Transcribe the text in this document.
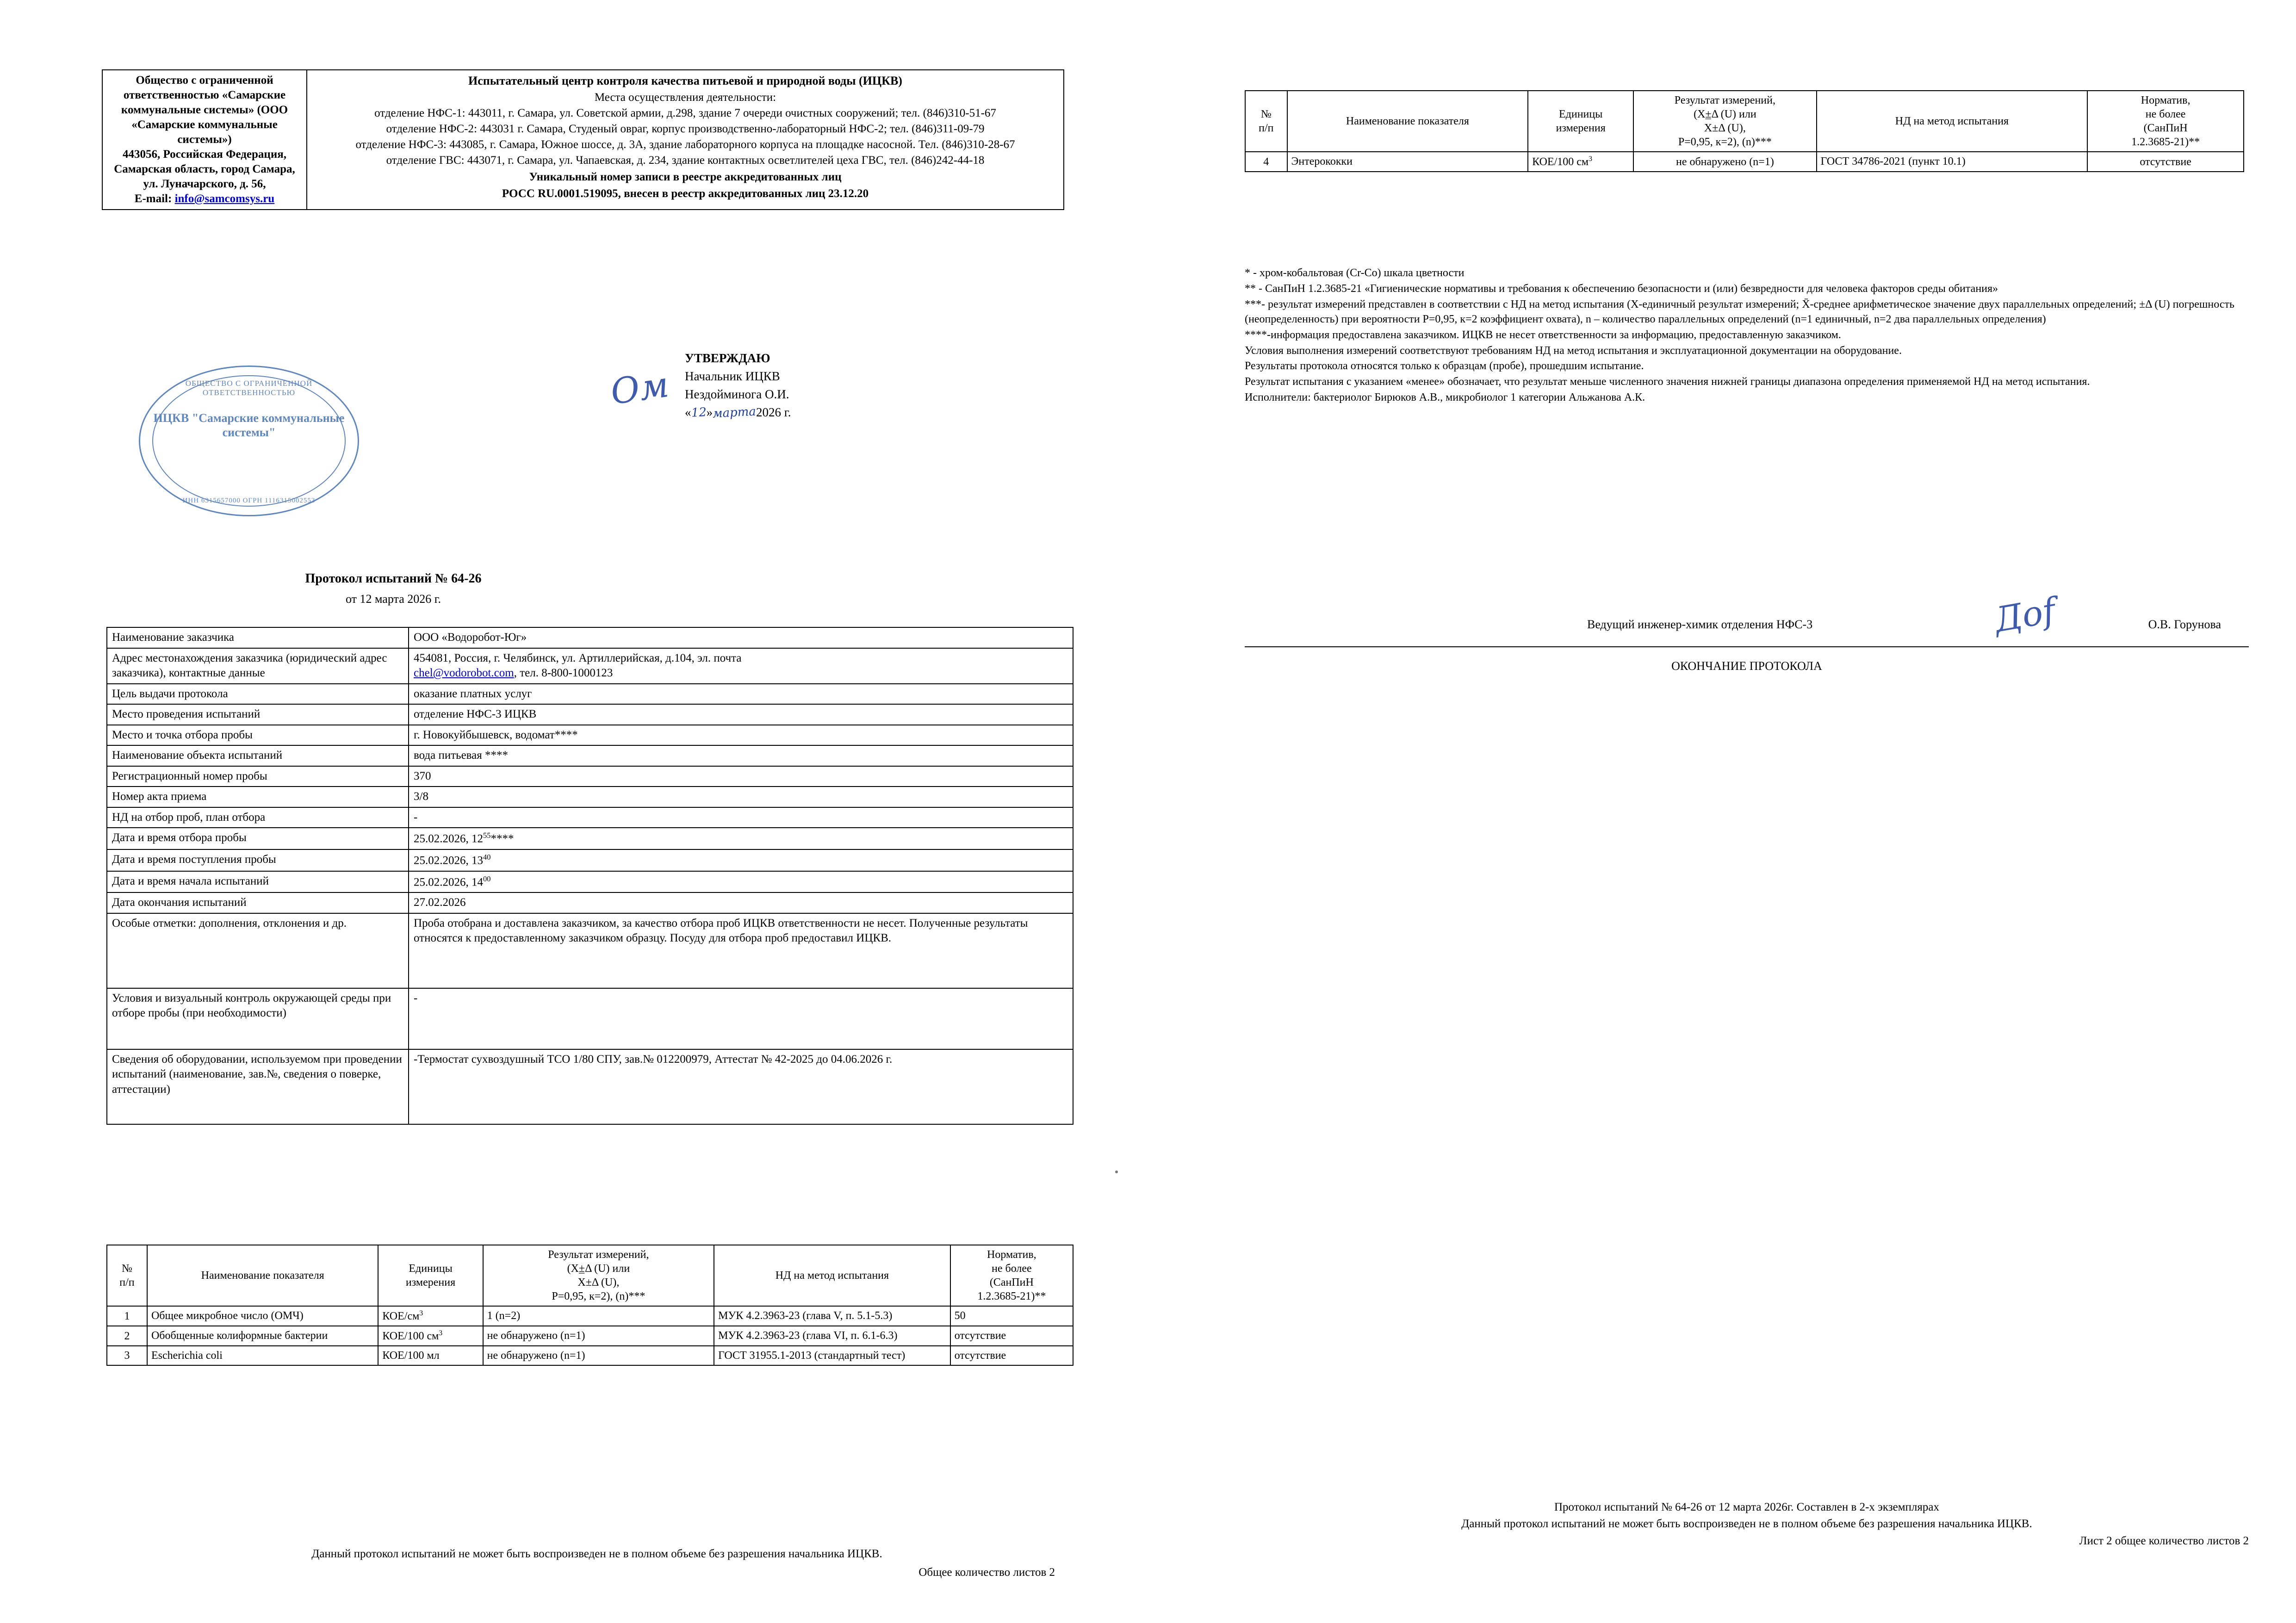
Общество с ограниченной ответственностью «Самарские коммунальные системы» (ООО «Самарские коммунальные системы»)
443056, Российская Федерация, Самарская область, город Самара, ул. Луначарского, д. 56,
E-mail: info@samcomsys.ru

Испытательный центр контроля качества питьевой и природной воды (ИЦКВ)
Места осуществления деятельности:

отделение НФС-1: 443011, г. Самара, ул. Советской армии, д.298, здание 7 очереди очистных сооружений; тел. (846)310-51-67

отделение НФС-2: 443031 г. Самара, Студеный овраг, корпус производственно-лабораторный НФС-2; тел. (846)311-09-79

отделение НФС-3: 443085, г. Самара, Южное шоссе, д. 3А, здание лабораторного корпуса на площадке насосной. Тел. (846)310-28-67

отделение ГВС: 443071, г. Самара, ул. Чапаевская, д. 234, здание контактных осветлителей цеха ГВС, тел. (846)242-44-18

Уникальный номер записи в реестре аккредитованных лиц
РОСС RU.0001.519095, внесен в реестр аккредитованных лиц 23.12.20
ОБЩЕСТВО С ОГРАНИЧЕННОЙ ОТВЕТСТВЕННОСТЬЮ
ИЦКВ "Самарские коммунальные системы"
ИНН 6315657000 ОГРН 1116315002553
Ом
УТВЕРЖДАЮ
Начальник ИЦКВ
Нездойминога О.И.
«12»марта2026 г.
Протокол испытаний № 64-26
от 12 марта 2026 г.
Наименование заказчика	ООО «Водоробот-Юг»
Адрес местонахождения заказчика (юридический адрес заказчика), контактные данные	454081, Россия, г. Челябинск, ул. Артиллерийская, д.104, эл. почта
chel@vodorobot.com, тел. 8-800-1000123
Цель выдачи протокола	оказание платных услуг
Место проведения испытаний	отделение НФС-3 ИЦКВ
Место и точка отбора пробы	г. Новокуйбышевск, водомат****
Наименование объекта испытаний	вода питьевая ****
Регистрационный номер пробы	370
Номер акта приема	3/8
НД на отбор проб, план отбора	-
Дата и время отбора пробы	25.02.2026, $12^{55}****$
Дата и время поступления пробы	25.02.2026, $13^{40}$
Дата и время начала испытаний	25.02.2026, $14^{00}$
Дата окончания испытаний	27.02.2026
Особые отметки: дополнения, отклонения и др.	Проба отобрана и доставлена заказчиком, за качество отбора проб ИЦКВ ответственности не несет. Полученные результаты относятся к предоставленному заказчиком образцу. Посуду для отбора проб предоставил ИЦКВ.
Условия и визуальный контроль окружающей среды при отборе пробы (при необходимости)	-
Сведения об оборудовании, используемом при проведении испытаний (наименование, зав.№, сведения о поверке, аттестации)	-Термостат сухвоздушный ТСО 1/80 СПУ, зав.№ 012200979, Аттестат № 42-2025 до 04.06.2026 г.
№
п/п	Наименование показателя	Единицы
измерения	Результат измерений,
(Х±Δ (U) или
¯ X±Δ (U),
Р=0,95, к=2), (n)***	НД на метод испытания	Норматив,
не более
(СанПиН
1.2.3685-21)**
1	Общее микробное число (ОМЧ)	КОЕ/$см^3$	1 (n=2)	МУК 4.2.3963-23 (глава V, п. 5.1-5.3)	50
2	Обобщенные колиформные бактерии	КОЕ/100 $см^3$	не обнаружено (n=1)	МУК 4.2.3963-23 (глава VI, п. 6.1-6.3)	отсутствие
3	Escherichia coli	КОЕ/100 мл	не обнаружено (n=1)	ГОСТ 31955.1-2013 (стандартный тест)	отсутствие
Данный протокол испытаний не может быть воспроизведен не в полном объеме без разрешения начальника ИЦКВ.
Общее количество листов 2
№
п/п	Наименование показателя	Единицы
измерения	Результат измерений,
(Х±Δ (U) или
¯ X±Δ (U),
Р=0,95, к=2), (n)***	НД на метод испытания	Норматив,
не более
(СанПиН
1.2.3685-21)**
4	Энтерококки	КОЕ/100 $см^3$	не обнаружено (n=1)	ГОСТ 34786-2021 (пункт 10.1)	отсутствие

* - хром-кобальтовая (Cr-Co) шкала цветности

** - СанПиН 1.2.3685-21 «Гигиенические нормативы и требования к обеспечению безопасности и (или) безвредности для человека факторов среды обитания»

***- результат измерений представлен в соответствии с НД на метод испытания (Х-единичный результат измерений; X̄-среднее арифметическое значение двух параллельных определений; ±Δ (U) погрешность (неопределенность) при вероятности Р=0,95, к=2 коэффициент охвата), n – количество параллельных определений (n=1 единичный, n=2 два параллельных определения)

****-информация предоставлена заказчиком. ИЦКВ не несет ответственности за информацию, предоставленную заказчиком.

Условия выполнения измерений соответствуют требованиям НД на метод испытания и эксплуатационной документации на оборудование.

Результаты протокола относятся только к образцам (пробе), прошедшим испытание.

Результат испытания с указанием «менее» обозначает, что результат меньше численного значения нижней границы диапазона определения применяемой НД на метод испытания.

Исполнители: бактериолог Бирюков А.В., микробиолог 1 категории Альжанова А.К.

Ведущий инженер-химик отделения НФС-3	Дof	О.В. Горунова
ОКОНЧАНИЕ ПРОТОКОЛА
Протокол испытаний № 64-26 от 12 марта 2026г. Составлен в 2-х экземплярах
Данный протокол испытаний не может быть воспроизведен не в полном объеме без разрешения начальника ИЦКВ.
Лист 2 общее количество листов 2
